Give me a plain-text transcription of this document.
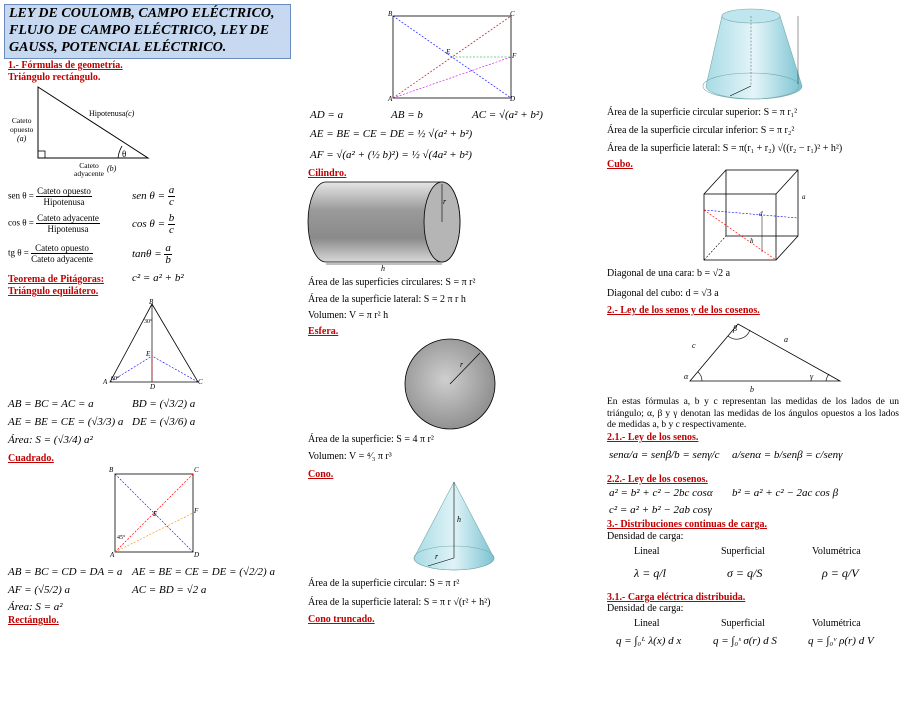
LEY DE COULOMB, CAMPO ELÉCTRICO,
FLUJO DE CAMPO ELÉCTRICO, LEY DE
GAUSS, POTENCIAL ELÉCTRICO.
1.- Fórmulas de geometría.
Triángulo rectángulo.
Hipotenusa(c)
Cateto
opuesto
(a)
θ
Cateto
adyacente
(b)
sen θ = Cateto opuesto
Hipotenusa	sen $\theta = \frac{a}{c}$
cos θ = Cateto adyacente
Hipotenusa	$\cos \theta = \frac{b}{c}$
tg θ = Cateto opuesto
Cateto adyacente	$\tan\theta = \frac{a}{b}$
Teorema de Pitágoras:	c² = a² + b²
Triángulo equilátero.
B
30°
E
A 60°
D
C
AB = BC = AC = a	BD = (√3/2) a
AE = BE = CE = (√3/3) a DE = (√3/6) a
Área: S = (√3/4) a²
Cuadrado.
B	C
E	F
45°
A	D
AB = BC = CD = DA = a AE = BE = CE = DE = (√2/2) a
AF = (√5/2) a	AC = BD = √2 a
Área: S = a²
Rectángulo.
B	C
E	F
A	D
AD = a	AB = b	AC = √(a² + b²)
AE = BE = CE = DE = ½ √(a² + b²)
AF = √(a² + (½ b)²) = ½ √(4a² + b²)
Cilindro.
r
h
Área de las superficies circulares: S = π r²
Área de la superficie lateral: S = 2 π r h
Volumen: V = π r² h
Esfera.
r
Área de la superficie: S = 4 π r²
Volumen: V = ⁴⁄₃ π r³
Cono.
h
r
Área de la superficie circular: S = π r²
Área de la superficie lateral: S = π r √(r² + h²)
Cono truncado.
Área de la superficie circular superior: S = π r₁²
Área de la superficie circular inferior: S = π r₂²
Área de la superficie lateral: S = π(r₁ + r₂) √((r₂ − r₁)² + h²)
Cubo.
a
d
h
Diagonal de una cara: b = √2 a
Diagonal del cubo: d = √3 a
2.- Ley de los senos y de los cosenos.
β
c
a
α	γ
b
En estas fórmulas a, b y c representan las medidas de los lados de un triángulo; α, β y γ denotan las medidas de los ángulos opuestos a los lados de medidas a, b y c respectivamente.
2.1.- Ley de los senos.
senα/a = senβ/b = senγ/c a/senα = b/senβ = c/senγ
2.2.- Ley de los cosenos.
a² = b² + c² − 2bc cosα b² = a² + c² − 2ac cos β
c² = a² + b² − 2ab cosγ
3.- Distribuciones continuas de carga.
Densidad de carga:
Lineal	Superficial	Volumétrica
λ = q/l	σ = q/S	ρ = q/V
3.1.- Carga eléctrica distribuida.
Densidad de carga:
Lineal	Superficial	Volumétrica
q = ∫₀ᴸ λ(x) d x	q = ∫₀ˢ σ(r) d S	q = ∫₀ᵛ ρ(r) d V
